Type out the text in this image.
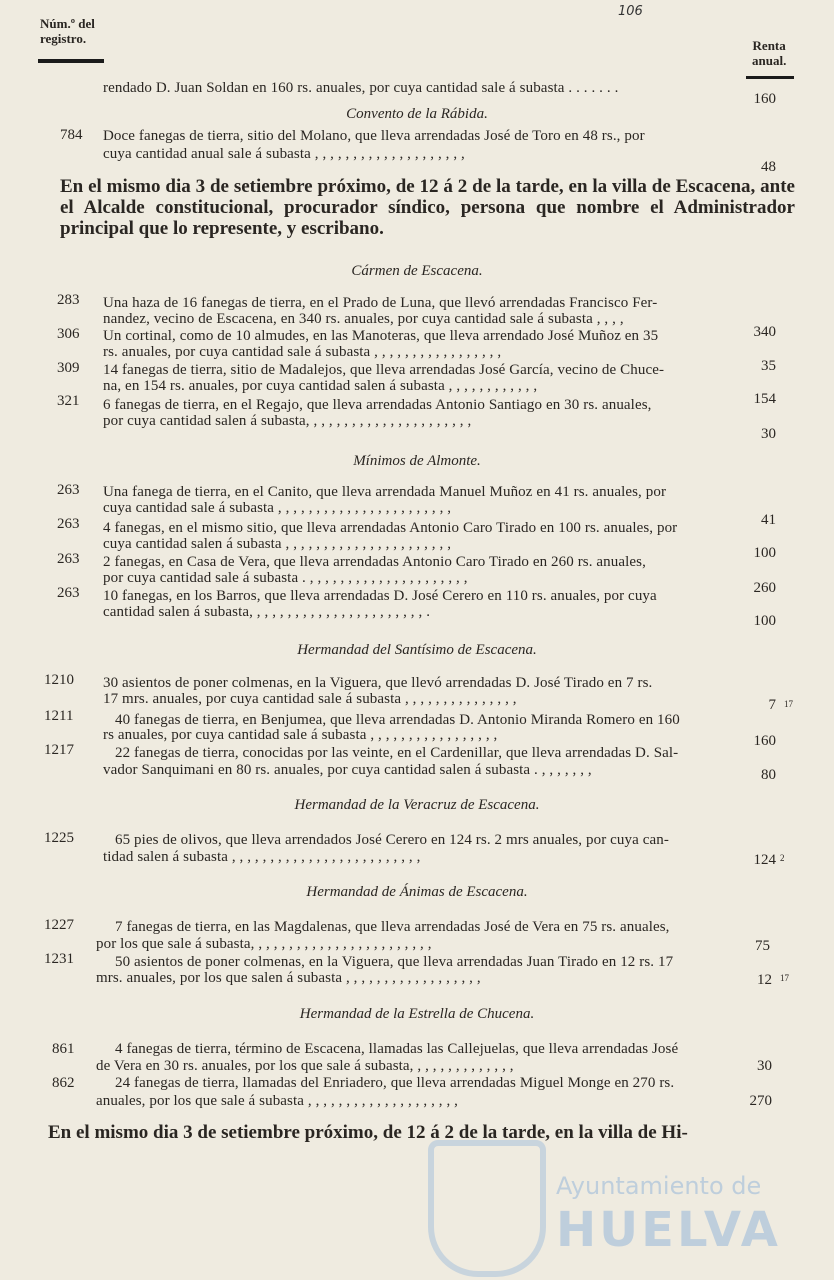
Núm.º del
registro.
106
Renta
anual.
rendado D. Juan Soldan en 160 rs. anuales, por cuya cantidad sale á subasta . . . . . . .
160
Convento de la Rábida.
784 Doce fanegas de tierra, sitio del Molano, que lleva arrendadas José de Toro en 48 rs., por
cuya cantidad anual sale á subasta , , , , , , , , , , , , , , , , , , , ,
48
En el mismo dia 3 de setiembre próximo, de 12 á 2 de la tarde, en la villa de Escacena, ante el Alcalde constitucional, procurador síndico, persona que nombre el Administrador principal que lo represente, y escribano.
Cármen de Escacena.
283 Una haza de 16 fanegas de tierra, en el Prado de Luna, que llevó arrendadas Francisco Fer-
nandez, vecino de Escacena, en 340 rs. anuales, por cuya cantidad sale á subasta , , , ,
340
306 Un cortinal, como de 10 almudes, en las Manoteras, que lleva arrendado José Muñoz en 35
rs. anuales, por cuya cantidad sale á subasta , , , , , , , , , , , , , , , , ,
35
309 14 fanegas de tierra, sitio de Madalejos, que lleva arrendadas José García, vecino de Chuce-
na, en 154 rs. anuales, por cuya cantidad salen á subasta , , , , , , , , , , , ,
154
321 6 fanegas de tierra, en el Regajo, que lleva arrendadas Antonio Santiago en 30 rs. anuales,
por cuya cantidad salen á subasta, , , , , , , , , , , , , , , , , , , , , ,
30
Mínimos de Almonte.
263 Una fanega de tierra, en el Canito, que lleva arrendada Manuel Muñoz en 41 rs. anuales, por
cuya cantidad sale á subasta , , , , , , , , , , , , , , , , , , , , , , ,
41
263 4 fanegas, en el mismo sitio, que lleva arrendadas Antonio Caro Tirado en 100 rs. anuales, por
cuya cantidad salen á subasta , , , , , , , , , , , , , , , , , , , , , ,
100
263 2 fanegas, en Casa de Vera, que lleva arrendadas Antonio Caro Tirado en 260 rs. anuales,
por cuya cantidad sale á subasta . , , , , , , , , , , , , , , , , , , , , ,
260
263 10 fanegas, en los Barros, que lleva arrendadas D. José Cerero en 110 rs. anuales, por cuya
cantidad salen á subasta, , , , , , , , , , , , , , , , , , , , , , , .
100
Hermandad del Santísimo de Escacena.
1210 30 asientos de poner colmenas, en la Viguera, que llevó arrendadas D. José Tirado en 7 rs.
17 mrs. anuales, por cuya cantidad sale á subasta , , , , , , , , , , , , , , ,	7 17
1211	40 fanegas de tierra, en Benjumea, que lleva arrendadas D. Antonio Miranda Romero en 160
rs anuales, por cuya cantidad sale á subasta , , , , , , , , , , , , , , , , ,	160
1217	22 fanegas de tierra, conocidas por las veinte, en el Cardenillar, que lleva arrendadas D. Sal-
vador Sanquimani en 80 rs. anuales, por cuya cantidad salen á subasta . , , , , , , ,	80
Hermandad de la Veracruz de Escacena.
1225	65 pies de olivos, que lleva arrendados José Cerero en 124 rs. 2 mrs anuales, por cuya can-
tidad salen á subasta , , , , , , , , , , , , , , , , , , , , , , , , ,	124 2
Hermandad de Ánimas de Escacena.
1227	7 fanegas de tierra, en las Magdalenas, que lleva arrendadas José de Vera en 75 rs. anuales,
por los que sale á subasta, , , , , , , , , , , , , , , , , , , , , , , ,	75
1231	50 asientos de poner colmenas, en la Viguera, que lleva arrendadas Juan Tirado en 12 rs. 17
mrs. anuales, por los que salen á subasta , , , , , , , , , , , , , , , , , ,	12 17
Hermandad de la Estrella de Chucena.
861	4 fanegas de tierra, término de Escacena, llamadas las Callejuelas, que lleva arrendadas José
de Vera en 30 rs. anuales, por los que sale á subasta, , , , , , , , , , , , , ,	30
862	24 fanegas de tierra, llamadas del Enriadero, que lleva arrendadas Miguel Monge en 270 rs.
anuales, por los que sale á subasta , , , , , , , , , , , , , , , , , , , ,	270
En el mismo dia 3 de setiembre próximo, de 12 á 2 de la tarde, en la villa de Hi-
Ayuntamiento de
HUELVA
